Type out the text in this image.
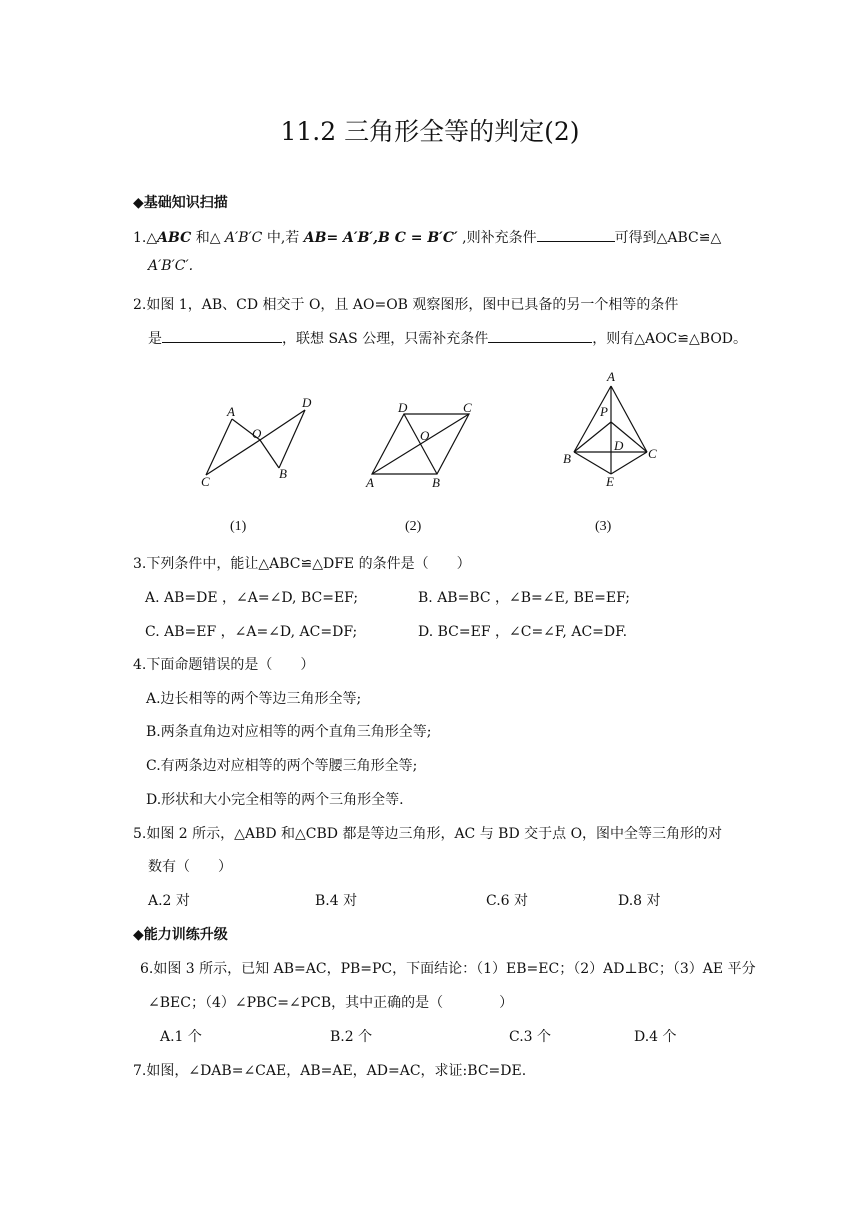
11.2 三角形全等的判定(2)
◆基础知识扫描
1.△ABC 和△ A′B′C 中,若 AB= A′B′,B C = B′C′ ,则补充条件	可得到△ABC≌△
A′B′C′.
2.如图 1，AB、CD 相交于 O，且 AO=OB 观察图形，图中已具备的另一个相等的条件
是	，联想 SAS 公理，只需补充条件	，则有△AOC≌△BOD。
A
D
O
C
B
(1)
D	C
O
A	B
(2)
A
P
D
B	C
E
(3)
3.下列条件中，能让△ABC≌△DFE 的条件是（　　）
A. AB=DE ，∠A=∠D, BC=EF;	B. AB=BC ，∠B=∠E, BE=EF;
C. AB=EF ，∠A=∠D, AC=DF;	D. BC=EF ，∠C=∠F, AC=DF.
4.下面命题错误的是（　　）
A.边长相等的两个等边三角形全等;
B.两条直角边对应相等的两个直角三角形全等;
C.有两条边对应相等的两个等腰三角形全等;
D.形状和大小完全相等的两个三角形全等.
5.如图 2 所示，△ABD 和△CBD 都是等边三角形，AC 与 BD 交于点 O，图中全等三角形的对
数有（　　）
A.2 对	B.4 对	C.6 对	D.8 对
◆能力训练升级
6.如图 3 所示，已知 AB=AC，PB=PC，下面结论：（1）EB=EC；（2）AD⊥BC；（3）AE 平分
∠BEC；（4）∠PBC=∠PCB，其中正确的是（　　　　）
A.1 个	B.2 个	C.3 个	D.4 个
7.如图，∠DAB=∠CAE，AB=AE，AD=AC，求证:BC=DE.
